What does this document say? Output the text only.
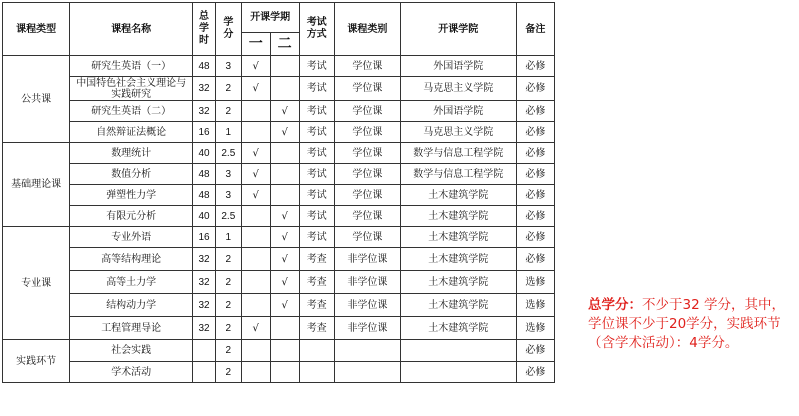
课程类型	课程名称	总学时	学分	开课学期		考试方式	课程类别	开课学院	备注
				一	二				
公共课	研究生英语（一）	48	3	√		考试	学位课	外国语学院	必修
	中国特色社会主义理论与实践研究	32	2	√		考试	学位课	马克思主义学院	必修
	研究生英语（二）	32	2		√	考试	学位课	外国语学院	必修
	自然辩证法概论	16	1		√	考试	学位课	马克思主义学院	必修
基础理论课	数理统计	40	2.5	√		考试	学位课	数学与信息工程学院	必修
	数值分析	48	3	√		考试	学位课	数学与信息工程学院	必修
	弹塑性力学	48	3	√		考试	学位课	土木建筑学院	必修
	有限元分析	40	2.5		√	考试	学位课	土木建筑学院	必修
专业课	专业外语	16	1		√	考试	学位课	土木建筑学院	必修
	高等结构理论	32	2		√	考查	非学位课	土木建筑学院	必修
	高等土力学	32	2		√	考查	非学位课	土木建筑学院	选修
	结构动力学	32	2		√	考查	非学位课	土木建筑学院	选修
	工程管理导论	32	2	√		考查	非学位课	土木建筑学院	选修
实践环节	社会实践		2						必修
	学术活动		2						必修
总学分：不少于32 学分，其中，学位课不少于20学分，实践环节（含学术活动）：4学分。
